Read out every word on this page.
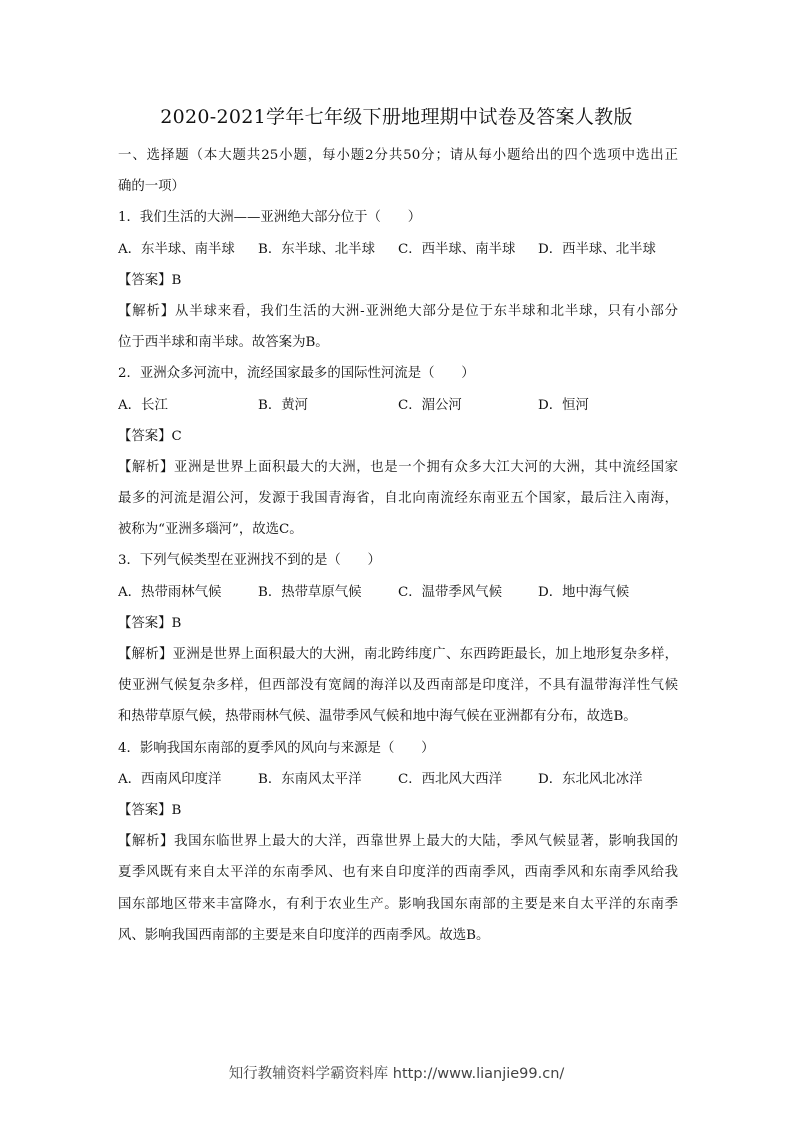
2020-2021学年七年级下册地理期中试卷及答案人教版
一、选择题（本大题共25小题，每小题2分共50分；请从每小题给出的四个选项中选出正
确的一项）
1．我们生活的大洲——亚洲绝大部分位于（　　）
A．东半球、南半球	B．东半球、北半球	C．西半球、南半球	D．西半球、北半球
【答案】B
【解析】从半球来看，我们生活的大洲-亚洲绝大部分是位于东半球和北半球，只有小部分
位于西半球和南半球。故答案为B。
2．亚洲众多河流中，流经国家最多的国际性河流是（　　）
A．长江	B．黄河	C．湄公河	D．恒河
【答案】C
【解析】亚洲是世界上面积最大的大洲，也是一个拥有众多大江大河的大洲，其中流经国家
最多的河流是湄公河，发源于我国青海省，自北向南流经东南亚五个国家，最后注入南海，
被称为“亚洲多瑙河”，故选C。
3．下列气候类型在亚洲找不到的是（　　）
A．热带雨林气候	B．热带草原气候	C．温带季风气候	D．地中海气候
【答案】B
【解析】亚洲是世界上面积最大的大洲，南北跨纬度广、东西跨距最长，加上地形复杂多样，
使亚洲气候复杂多样，但西部没有宽阔的海洋以及西南部是印度洋，不具有温带海洋性气候
和热带草原气候，热带雨林气候、温带季风气候和地中海气候在亚洲都有分布，故选B。
4．影响我国东南部的夏季风的风向与来源是（　　）
A．西南风印度洋	B．东南风太平洋	C．西北风大西洋	D．东北风北冰洋
【答案】B
【解析】我国东临世界上最大的大洋，西靠世界上最大的大陆，季风气候显著，影响我国的
夏季风既有来自太平洋的东南季风、也有来自印度洋的西南季风，西南季风和东南季风给我
国东部地区带来丰富降水，有利于农业生产。影响我国东南部的主要是来自太平洋的东南季
风、影响我国西南部的主要是来自印度洋的西南季风。故选B。
知行教辅资料学霸资料库 http://www.lianjie99.cn/
